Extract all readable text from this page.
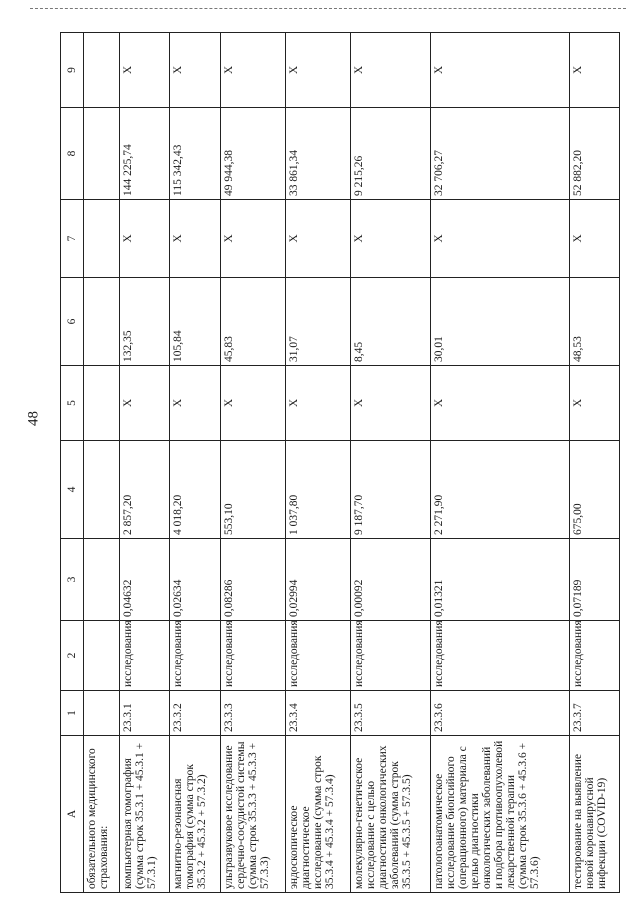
48
A	1	2	3	4	5	6	7	8	9
обязательного медицинского страхования:									
компьютерная томография (сумма строк 35.3.1 + 45.3.1 + 57.3.1)	23.3.1	исследования	0,04632	2 857,20	X	132,35	X	144 225,74	X
магнитно-резонансная томография (сумма строк 35.3.2 + 45.3.2 + 57.3.2)	23.3.2	исследования	0,02634	4 018,20	X	105,84	X	115 342,43	X
ультразвуковое исследование сердечно-сосудистой системы (сумма строк 35.3.3 + 45.3.3 + 57.3.3)	23.3.3	исследования	0,08286	553,10	X	45,83	X	49 944,38	X
эндоскопическое диагностическое исследование (сумма строк 35.3.4 + 45.3.4 + 57.3.4)	23.3.4	исследования	0,02994	1 037,80	X	31,07	X	33 861,34	X
молекулярно-генетическое исследование с целью диагностики онкологических заболеваний (сумма строк 35.3.5 + 45.3.5 + 57.3.5)	23.3.5	исследования	0,00092	9 187,70	X	8,45	X	9 215,26	X
патологоанатомическое исследование биопсийного (операционного) материала с целью диагностики онкологических заболеваний и подбора противоопухолевой лекарственной терапии (сумма строк 35.3.6 + 45.3.6 + 57.3.6)	23.3.6	исследования	0,01321	2 271,90	X	30,01	X	32 706,27	X
тестирование на выявление новой коронавирусной инфекции (COVID-19)	23.3.7	исследования	0,07189	675,00	X	48,53	X	52 882,20	X
